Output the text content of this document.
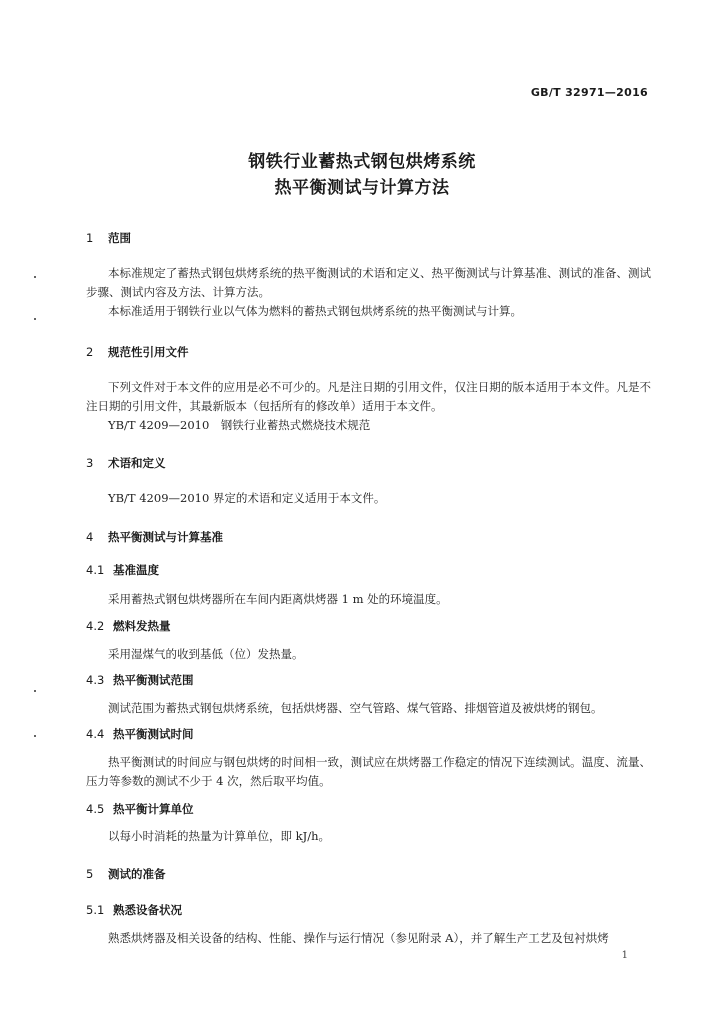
GB/T 32971—2016
钢铁行业蓄热式钢包烘烤系统
热平衡测试与计算方法
1 范围
本标准规定了蓄热式钢包烘烤系统的热平衡测试的术语和定义、热平衡测试与计算基准、测试的准备、测试步骤、测试内容及方法、计算方法。
本标准适用于钢铁行业以气体为燃料的蓄热式钢包烘烤系统的热平衡测试与计算。
2 规范性引用文件
下列文件对于本文件的应用是必不可少的。凡是注日期的引用文件，仅注日期的版本适用于本文件。凡是不注日期的引用文件，其最新版本（包括所有的修改单）适用于本文件。
YB/T 4209—2010　钢铁行业蓄热式燃烧技术规范
3 术语和定义
YB/T 4209—2010 界定的术语和定义适用于本文件。
4 热平衡测试与计算基准
4.1 基准温度
采用蓄热式钢包烘烤器所在车间内距离烘烤器 1 m 处的环境温度。
4.2 燃料发热量
采用湿煤气的收到基低（位）发热量。
4.3 热平衡测试范围
测试范围为蓄热式钢包烘烤系统，包括烘烤器、空气管路、煤气管路、排烟管道及被烘烤的钢包。
4.4 热平衡测试时间
热平衡测试的时间应与钢包烘烤的时间相一致，测试应在烘烤器工作稳定的情况下连续测试。温度、流量、压力等参数的测试不少于 4 次，然后取平均值。
4.5 热平衡计算单位
以每小时消耗的热量为计算单位，即 kJ/h。
5 测试的准备
5.1 熟悉设备状况
熟悉烘烤器及相关设备的结构、性能、操作与运行情况（参见附录 A），并了解生产工艺及包衬烘烤
1
